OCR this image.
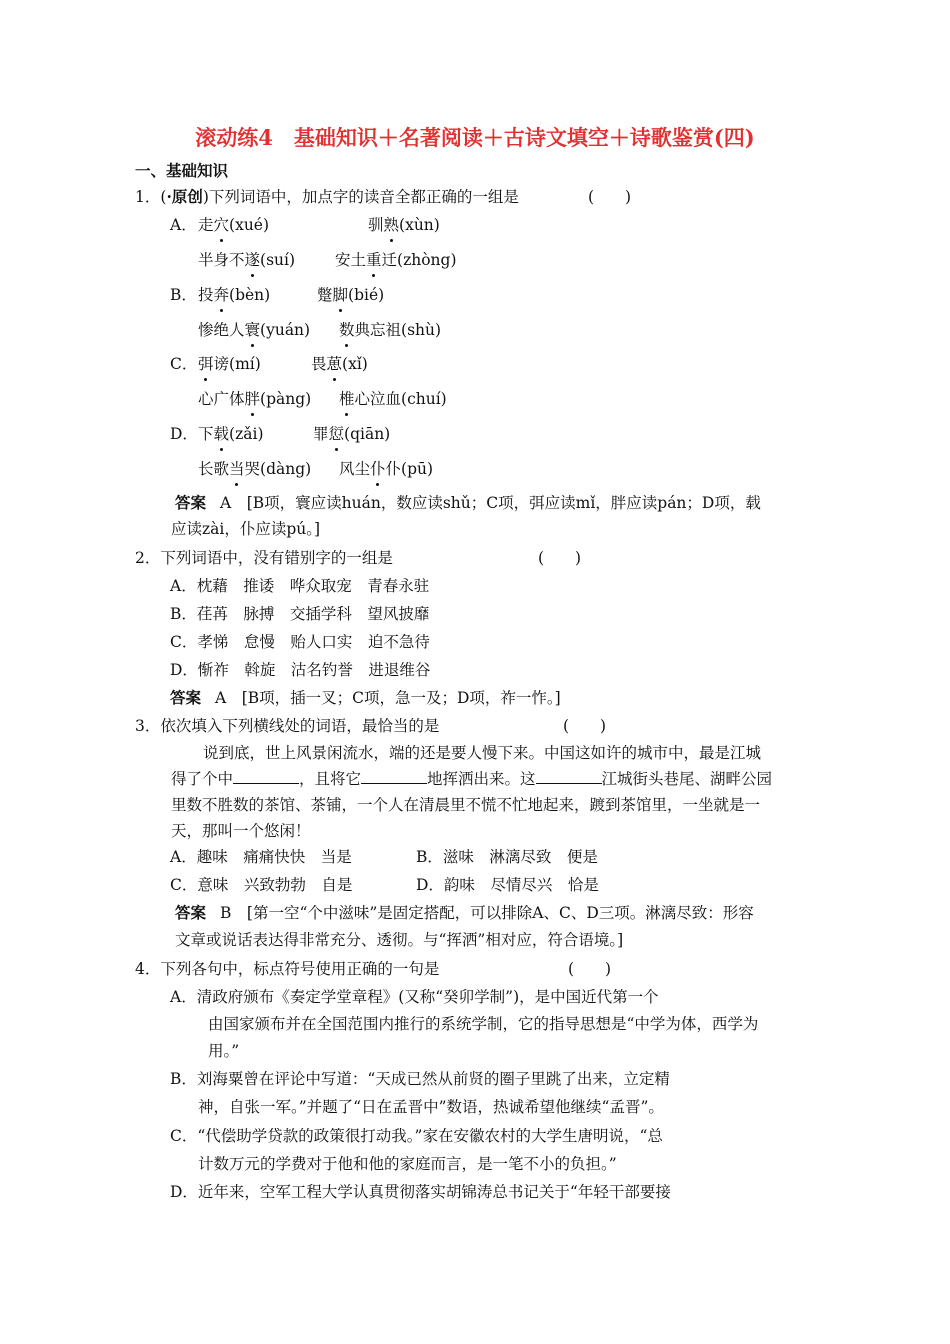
滚动练4　基础知识＋名著阅读＋古诗文填空＋诗歌鉴赏(四)
一、基础知识
1．(·原创)下列词语中，加点字的读音全都正确的一组是	(　　)
A． 走穴(xué)	驯熟(xùn)
半身不遂(suí)	安土重迁(zhòng)
B． 投奔(bèn)	蹩脚(bié)
惨绝人寰(yuán) 数典忘祖(shù)
C． 弭谤(mí)	畏葸(xǐ)
心广体胖(pàng) 椎心泣血(chuí)
D． 下载(zǎi)	罪愆(qiān)
长歌当哭(dàng) 风尘仆仆(pū)
答案 A　[B项，寰应读huán，数应读shǔ；C项，弭应读mǐ，胖应读pán；D项，载
应读zài，仆应读pú。]
2．下列词语中，没有错别字的一组是	(　　)
A．枕藉　推诿　哗众取宠　青春永驻
B．荏苒　脉搏　交插学科　望风披靡
C．孝悌　怠慢　贻人口实　迫不急待
D．惭祚　斡旋　沽名钓誉　进退维谷
答案 A　[B项，插一叉；C项，急一及；D项，祚一怍。]
3．依次填入下列横线处的词语，最恰当的是	(　　)
说到底，世上风景闲流水，端的还是要人慢下来。中国这如许的城市中，最是江城
得了个中	，且将它	地挥洒出来。这	江城街头巷尾、湖畔公园
里数不胜数的茶馆、茶铺，一个人在清晨里不慌不忙地起来，踱到茶馆里，一坐就是一
天，那叫一个悠闲！
A．趣味　痛痛快快　当是	B．滋味　淋漓尽致　便是
C．意味　兴致勃勃　自是	D．韵味　尽情尽兴　恰是
答案 B　[第一空“个中滋味”是固定搭配，可以排除A、C、D三项。淋漓尽致：形容
文章或说话表达得非常充分、透彻。与“挥洒”相对应，符合语境。]
4．下列各句中，标点符号使用正确的一句是	(　　)
A．清政府颁布《奏定学堂章程》(又称“癸卯学制”)，是中国近代第一个
由国家颁布并在全国范围内推行的系统学制，它的指导思想是“中学为体，西学为
用。”
B．刘海粟曾在评论中写道：“天成已然从前贤的圈子里跳了出来，立定精
神，自张一军。”并题了“日在孟晋中”数语，热诚希望他继续“孟晋”。
C．“代偿助学贷款的政策很打动我。”家在安徽农村的大学生唐明说，“总
计数万元的学费对于他和他的家庭而言，是一笔不小的负担。”
D．近年来，空军工程大学认真贯彻落实胡锦涛总书记关于“年轻干部要接
